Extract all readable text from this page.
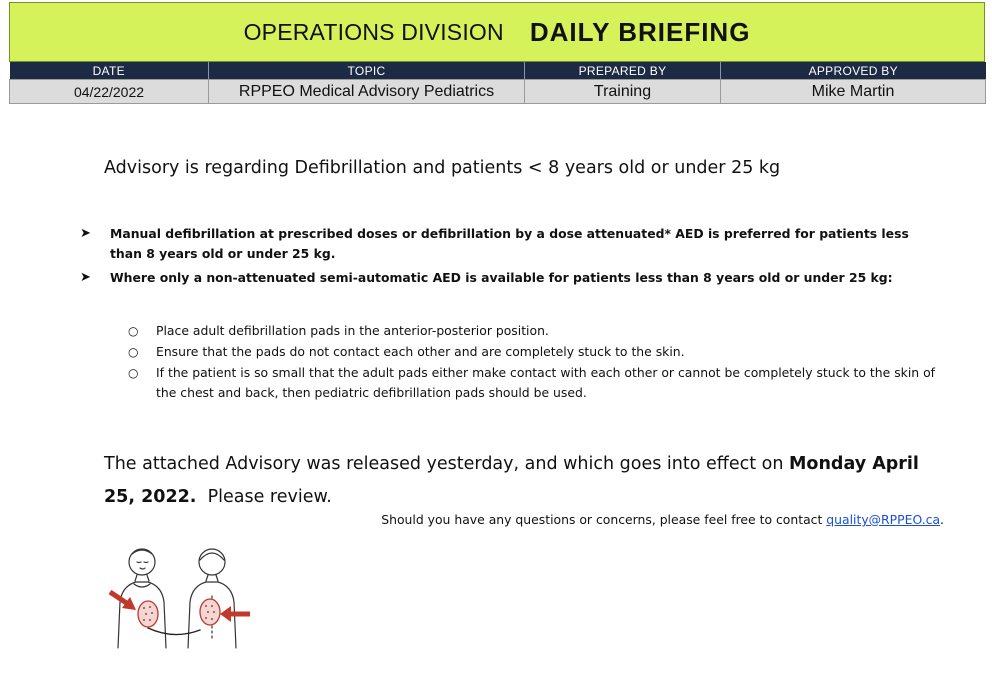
OPERATIONS DIVISION DAILY BRIEFING
DATE	TOPIC	PREPARED BY	APPROVED BY
04/22/2022	RPPEO Medical Advisory Pediatrics	Training	Mike Martin
Advisory is regarding Defibrillation and patients < 8 years old or under 25 kg
➤ Manual defibrillation at prescribed doses or defibrillation by a dose attenuated* AED is preferred for patients less than 8 years old or under 25 kg.
➤ Where only a non-attenuated semi-automatic AED is available for patients less than 8 years old or under 25 kg:
○ Place adult defibrillation pads in the anterior-posterior position.
○ Ensure that the pads do not contact each other and are completely stuck to the skin.
○ If the patient is so small that the adult pads either make contact with each other or cannot be completely stuck to the skin of the chest and back, then pediatric defibrillation pads should be used.
The attached Advisory was released yesterday, and which goes into effect on Monday April 25, 2022.  Please review.
Should you have any questions or concerns, please feel free to contact quality@RPPEO.ca.
